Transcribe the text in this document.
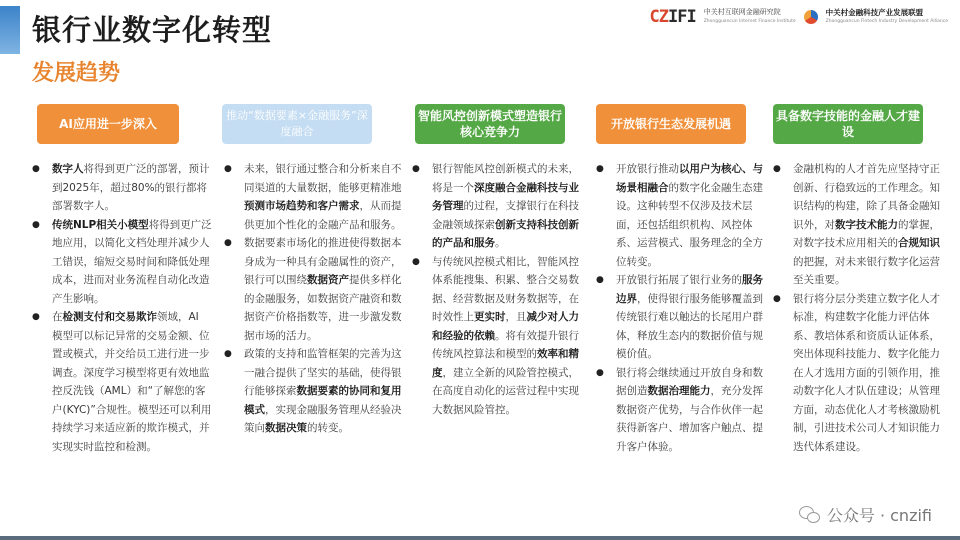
银行业数字化转型
发展趋势
CZIFI 中关村互联网金融研究院
Zhongguancun Internet Finance Institute
中关村金融科技产业发展联盟
Zhongguancun Fintech Industry Development Alliance
AI应用进一步深入
推动“数据要素×金融服务”深度融合
智能风控创新模式塑造银行核心竞争力
开放银行生态发展机遇
具备数字技能的金融人才建设

● 数字人将得到更广泛的部署，预计到2025年，超过80%的银行都将部署数字人。

● 传统NLP相关小模型将得到更广泛地应用，以简化文档处理并减少人工错误，缩短交易时间和降低处理成本，进而对业务流程自动化改造产生影响。

● 在检测支付和交易欺诈领域，AI 模型可以标记异常的交易金额、位置或模式，并交给员工进行进一步调查。深度学习模型将更有效地监控反洗钱（AML）和“了解您的客户(KYC)”合规性。模型还可以利用持续学习来适应新的欺诈模式，并实现实时监控和检测。

● 未来，银行通过整合和分析来自不同渠道的大量数据，能够更精准地预测市场趋势和客户需求，从而提供更加个性化的金融产品和服务。

● 数据要素市场化的推进使得数据本身成为一种具有金融属性的资产，银行可以围绕数据资产提供多样化的金融服务，如数据资产融资和数据资产价格指数等，进一步激发数据市场的活力。

● 政策的支持和监管框架的完善为这一融合提供了坚实的基础，使得银行能够探索数据要素的协同和复用模式，实现金融服务管理从经验决策向数据决策的转变。

● 银行智能风控创新模式的未来，将是一个深度融合金融科技与业务管理的过程，支撑银行在科技金融领域探索创新支持科技创新的产品和服务。

● 与传统风控模式相比，智能风控体系能搜集、积累、整合交易数据、经营数据及财务数据等，在时效性上更实时，且减少对人力和经验的依赖。将有效提升银行传统风控算法和模型的效率和精度，建立全新的风险管控模式，在高度自动化的运营过程中实现大数据风险管控。

● 开放银行推动以用户为核心、与场景相融合的数字化金融生态建设。这种转型不仅涉及技术层面，还包括组织机构、风控体系、运营模式、服务理念的全方位转变。

● 开放银行拓展了银行业务的服务边界，使得银行服务能够覆盖到传统银行难以触达的长尾用户群体，释放生态内的数据价值与规模价值。

● 银行将会继续通过开放自身和数据创造数据治理能力，充分发挥数据资产优势，与合作伙伴一起获得新客户、增加客户触点、提升客户体验。

● 金融机构的人才首先应坚持守正创新、行稳致远的工作理念。知识结构的构建，除了具备金融知识外，对数字技术能力的掌握，对数字技术应用相关的合规知识的把握，对未来银行数字化运营至关重要。

● 银行将分层分类建立数字化人才标准，构建数字化能力评估体系、教培体系和资质认证体系，突出体现科技能力、数字化能力在人才选用方面的引领作用，推动数字化人才队伍建设；从管理方面，动态优化人才考核激励机制，引进技术公司人才知识能力迭代体系建设。

公众号 · cnzifi
